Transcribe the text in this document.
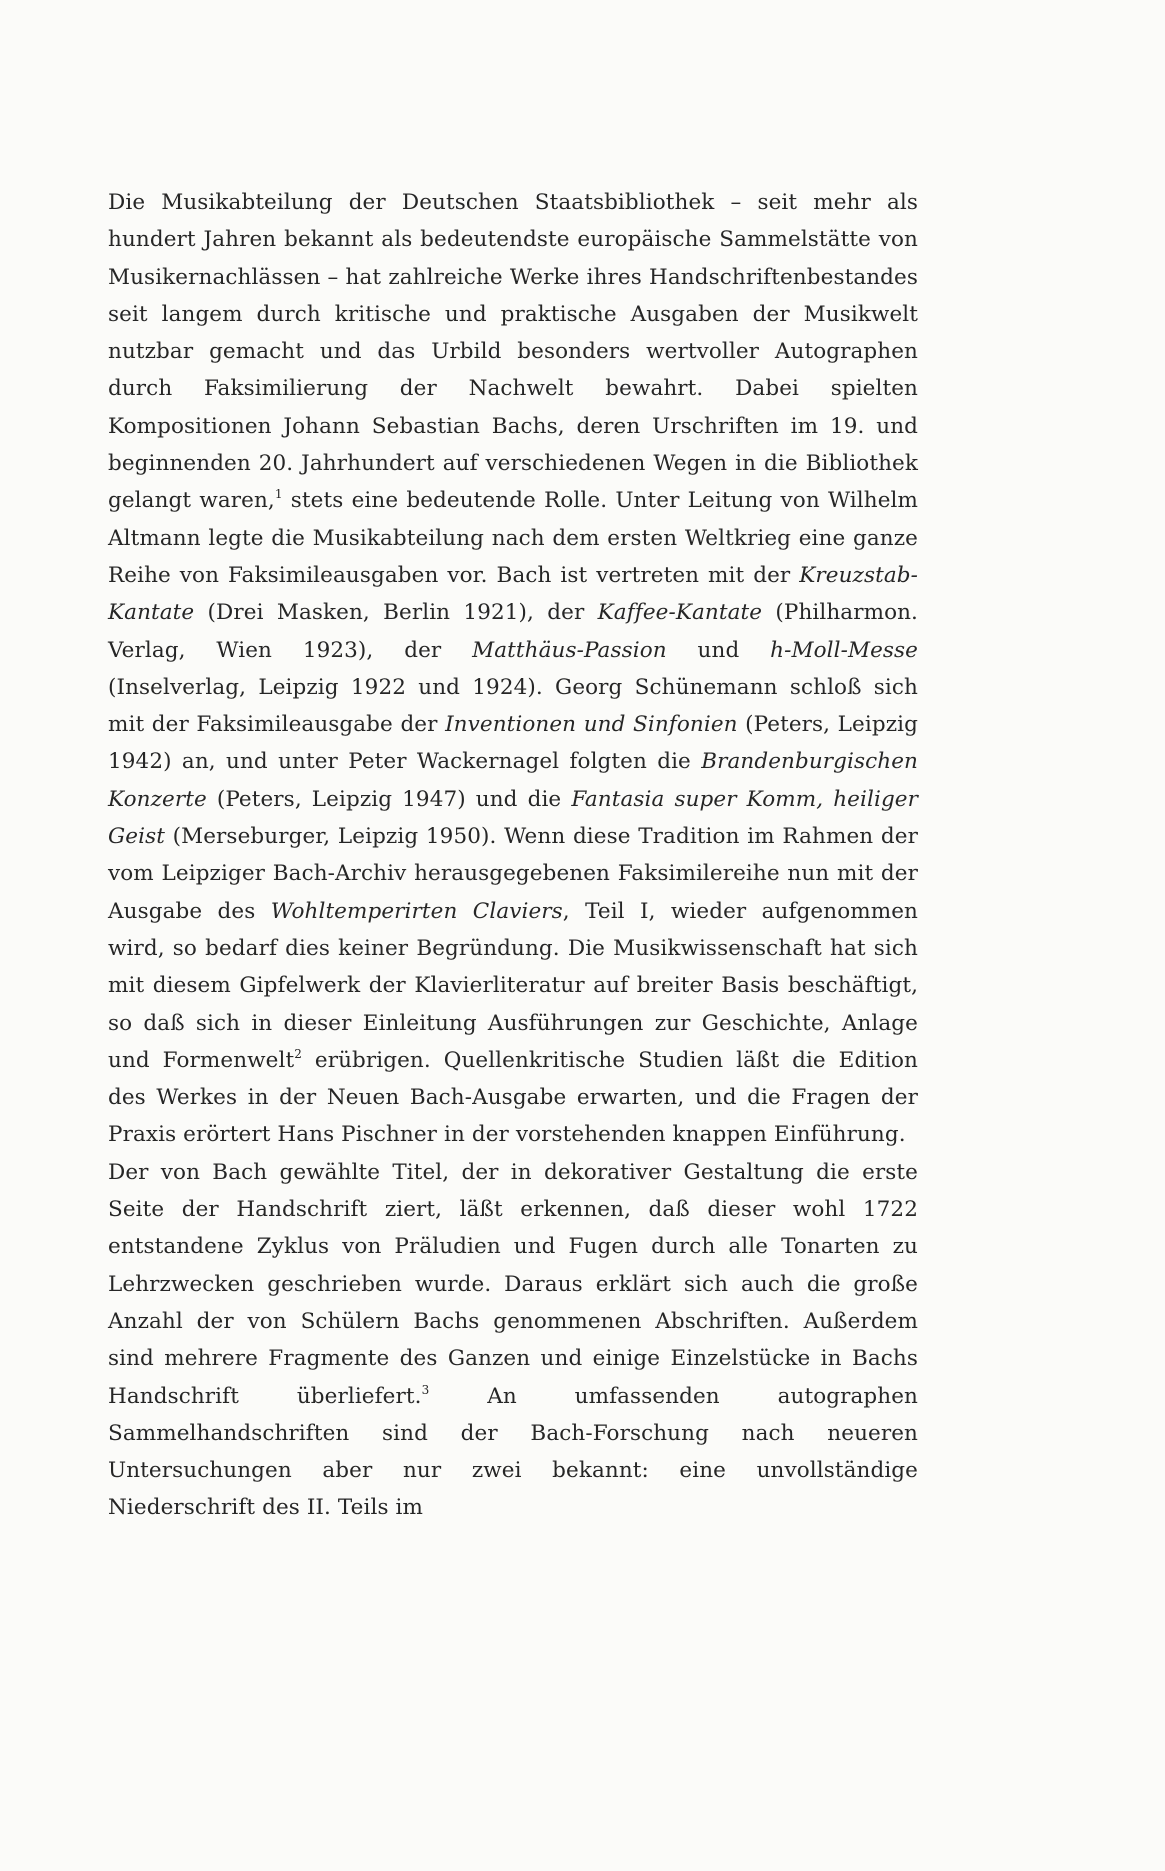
Die Musikabteilung der Deutschen Staatsbibliothek – seit mehr als hundert Jahren bekannt als bedeutendste europäische Sammelstätte von Musikernachlässen – hat zahlreiche Werke ihres Handschriftenbestandes seit langem durch kritische und praktische Ausgaben der Musikwelt nutzbar gemacht und das Urbild besonders wertvoller Autographen durch Faksimilierung der Nachwelt bewahrt. Dabei spielten Kompositionen Johann Sebastian Bachs, deren Urschriften im 19. und beginnenden 20. Jahrhundert auf verschiedenen Wegen in die Bibliothek gelangt waren,$^1$ stets eine bedeutende Rolle. Unter Leitung von Wilhelm Altmann legte die Musikabteilung nach dem ersten Weltkrieg eine ganze Reihe von Faksimileausgaben vor. Bach ist vertreten mit der Kreuzstab-Kantate (Drei Masken, Berlin 1921), der Kaffee-Kantate (Philharmon. Verlag, Wien 1923), der Matthäus-Passion und h-Moll-Messe (Inselverlag, Leipzig 1922 und 1924). Georg Schünemann schloß sich mit der Faksimileausgabe der Inventionen und Sinfonien (Peters, Leipzig 1942) an, und unter Peter Wackernagel folgten die Brandenburgischen Konzerte (Peters, Leipzig 1947) und die Fantasia super Komm, heiliger Geist (Merseburger, Leipzig 1950). Wenn diese Tradition im Rahmen der vom Leipziger Bach-Archiv herausgegebenen Faksimilereihe nun mit der Ausgabe des Wohltemperirten Claviers, Teil I, wieder aufgenommen wird, so bedarf dies keiner Begründung. Die Musikwissenschaft hat sich mit diesem Gipfelwerk der Klavierliteratur auf breiter Basis beschäftigt, so daß sich in dieser Einleitung Ausführungen zur Geschichte, Anlage und Formenwelt$^2$ erübrigen. Quellenkritische Studien läßt die Edition des Werkes in der Neuen Bach-Ausgabe erwarten, und die Fragen der Praxis erörtert Hans Pischner in der vorstehenden knappen Einführung.

Der von Bach gewählte Titel, der in dekorativer Gestaltung die erste Seite der Handschrift ziert, läßt erkennen, daß dieser wohl 1722 entstandene Zyklus von Präludien und Fugen durch alle Tonarten zu Lehrzwecken geschrieben wurde. Daraus erklärt sich auch die große Anzahl der von Schülern Bachs genommenen Abschriften. Außerdem sind mehrere Fragmente des Ganzen und einige Einzelstücke in Bachs Handschrift überliefert.$^3$ An umfassenden autographen Sammelhandschriften sind der Bach-Forschung nach neueren Untersuchungen aber nur zwei bekannt: eine unvollständige Niederschrift des II. Teils im
